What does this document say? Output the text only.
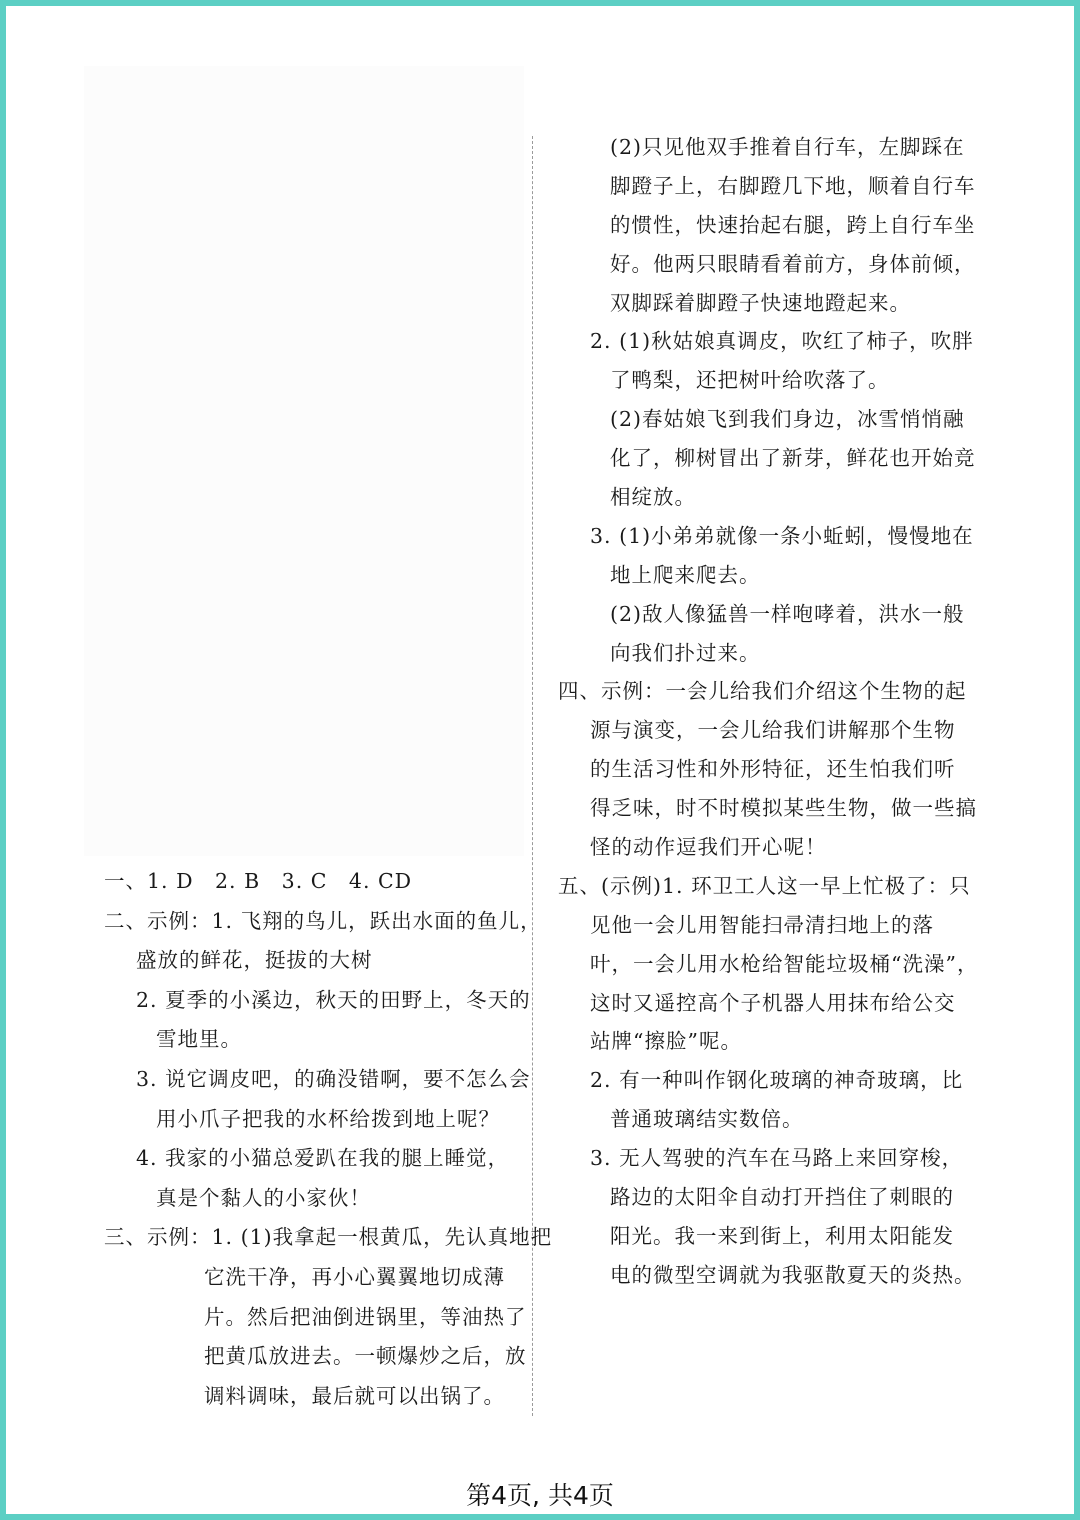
一、1. D　2. B　3. C　4. CD
二、示例：1. 飞翔的鸟儿，跃出水面的鱼儿，
盛放的鲜花，挺拔的大树
2. 夏季的小溪边，秋天的田野上，冬天的
雪地里。
3. 说它调皮吧，的确没错啊，要不怎么会
用小爪子把我的水杯给拨到地上呢？
4. 我家的小猫总爱趴在我的腿上睡觉，
真是个黏人的小家伙！
三、示例：1. (1)我拿起一根黄瓜，先认真地把
它洗干净，再小心翼翼地切成薄
片。然后把油倒进锅里，等油热了
把黄瓜放进去。一顿爆炒之后，放
调料调味，最后就可以出锅了。
(2)只见他双手推着自行车，左脚踩在
脚蹬子上，右脚蹬几下地，顺着自行车
的惯性，快速抬起右腿，跨上自行车坐
好。他两只眼睛看着前方，身体前倾，
双脚踩着脚蹬子快速地蹬起来。
2. (1)秋姑娘真调皮，吹红了柿子，吹胖
了鸭梨，还把树叶给吹落了。
(2)春姑娘飞到我们身边，冰雪悄悄融
化了，柳树冒出了新芽，鲜花也开始竞
相绽放。
3. (1)小弟弟就像一条小蚯蚓，慢慢地在
地上爬来爬去。
(2)敌人像猛兽一样咆哮着，洪水一般
向我们扑过来。
四、示例：一会儿给我们介绍这个生物的起
源与演变，一会儿给我们讲解那个生物
的生活习性和外形特征，还生怕我们听
得乏味，时不时模拟某些生物，做一些搞
怪的动作逗我们开心呢！
五、(示例)1. 环卫工人这一早上忙极了：只
见他一会儿用智能扫帚清扫地上的落
叶，一会儿用水枪给智能垃圾桶“洗澡”，
这时又遥控高个子机器人用抹布给公交
站牌“擦脸”呢。
2. 有一种叫作钢化玻璃的神奇玻璃，比
普通玻璃结实数倍。
3. 无人驾驶的汽车在马路上来回穿梭，
路边的太阳伞自动打开挡住了刺眼的
阳光。我一来到街上，利用太阳能发
电的微型空调就为我驱散夏天的炎热。
第4页, 共4页
